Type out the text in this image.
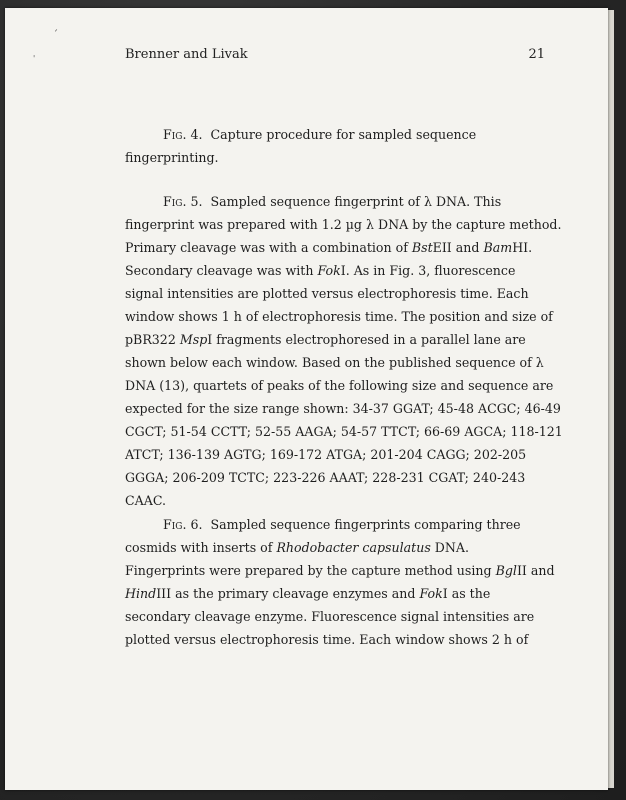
´
'	Brenner and Livak	21
Fig. 4. Capture procedure for sampled sequence
fingerprinting.
Fig. 5. Sampled sequence fingerprint of λ DNA. This
fingerprint was prepared with 1.2 µg λ DNA by the capture method.
Primary cleavage was with a combination of BstEII and BamHI.
Secondary cleavage was with FokI. As in Fig. 3, fluorescence
signal intensities are plotted versus electrophoresis time. Each
window shows 1 h of electrophoresis time. The position and size of
pBR322 MspI fragments electrophoresed in a parallel lane are
shown below each window. Based on the published sequence of λ
DNA (13), quartets of peaks of the following size and sequence are
expected for the size range shown: 34-37 GGAT; 45-48 ACGC; 46-49
CGCT; 51-54 CCTT; 52-55 AAGA; 54-57 TTCT; 66-69 AGCA; 118-121
ATCT; 136-139 AGTG; 169-172 ATGA; 201-204 CAGG; 202-205
GGGA; 206-209 TCTC; 223-226 AAAT; 228-231 CGAT; 240-243
CAAC.
Fig. 6. Sampled sequence fingerprints comparing three
cosmids with inserts of Rhodobacter capsulatus DNA.
Fingerprints were prepared by the capture method using BglII and
HindIII as the primary cleavage enzymes and FokI as the
secondary cleavage enzyme. Fluorescence signal intensities are
plotted versus electrophoresis time. Each window shows 2 h of
